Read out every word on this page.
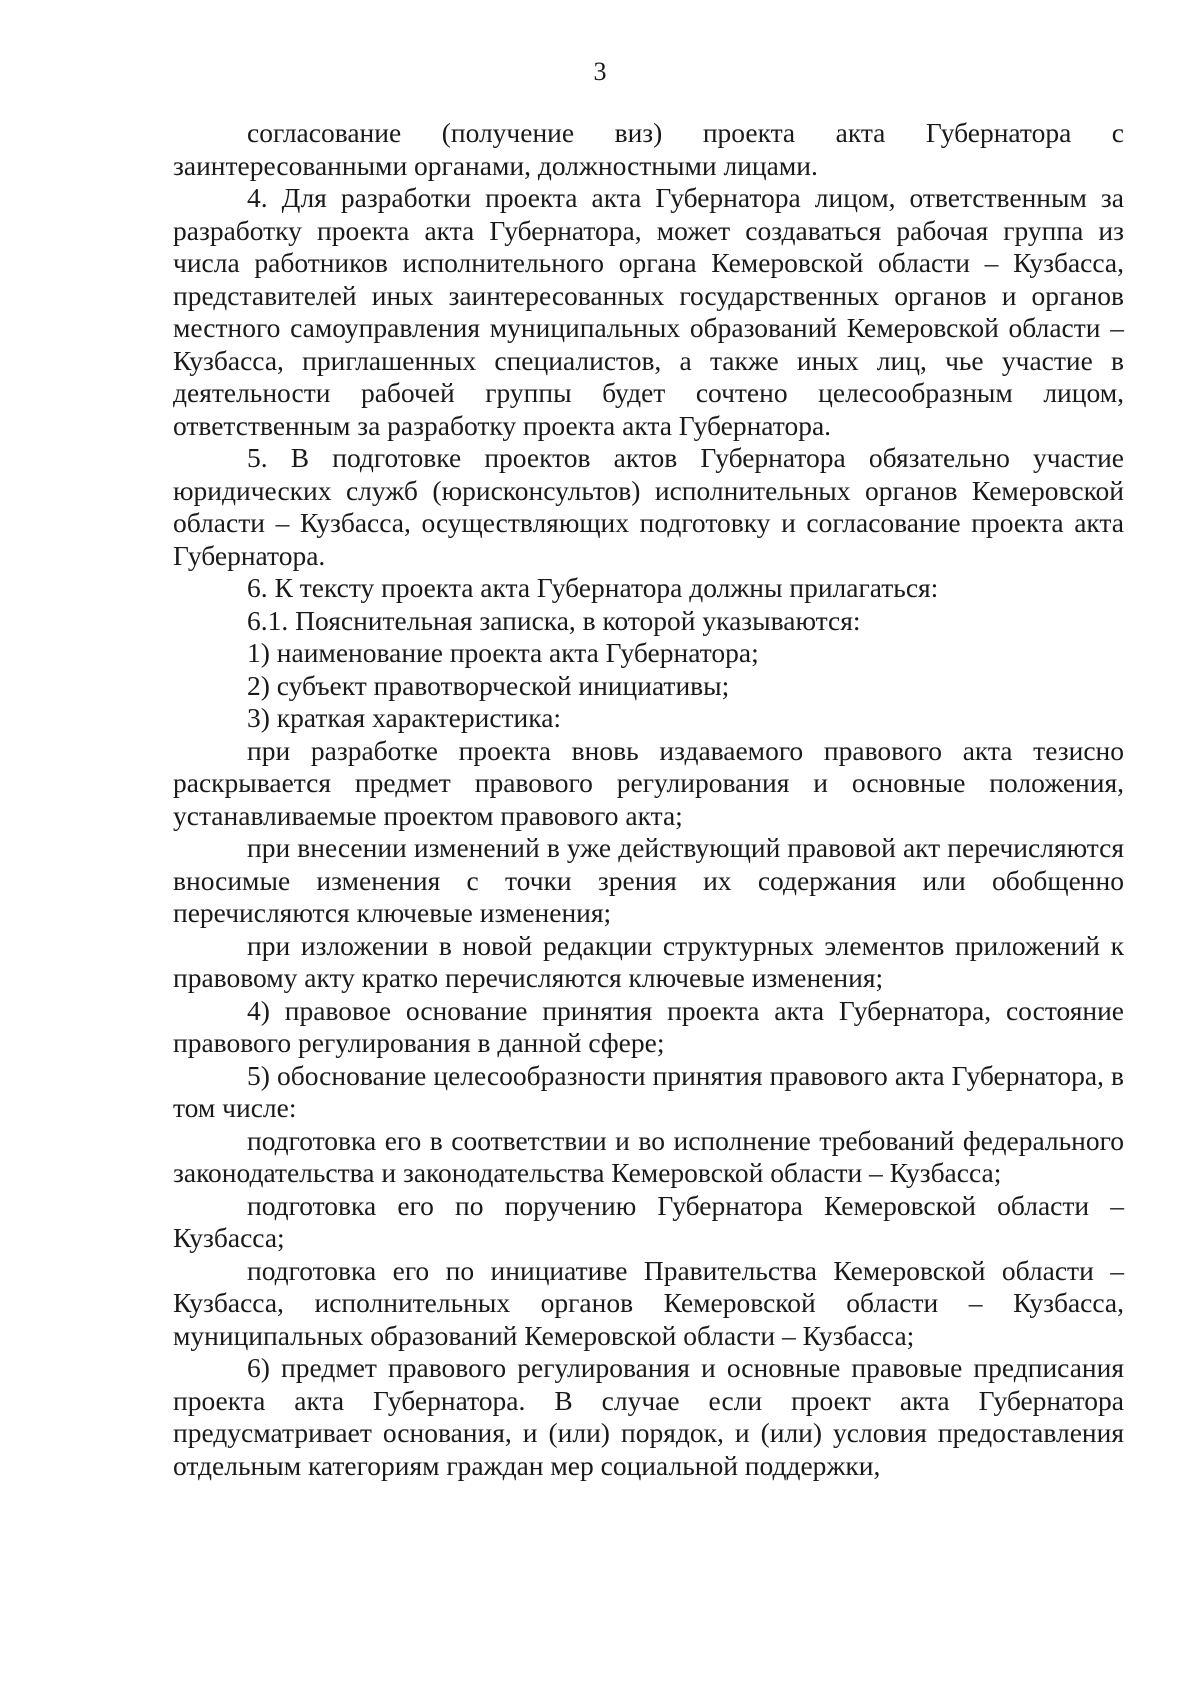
3

согласование (получение виз) проекта акта Губернатора с заинтересованными органами, должностными лицами.

4. Для разработки проекта акта Губернатора лицом, ответственным за разработку проекта акта Губернатора, может создаваться рабочая группа из числа работников исполнительного органа Кемеровской области – Кузбасса, представителей иных заинтересованных государственных органов и органов местного самоуправления муниципальных образований Кемеровской области – Кузбасса, приглашенных специалистов, а также иных лиц, чье участие в деятельности рабочей группы будет сочтено целесообразным лицом, ответственным за разработку проекта акта Губернатора.

5. В подготовке проектов актов Губернатора обязательно участие юридических служб (юрисконсультов) исполнительных органов Кемеровской области – Кузбасса, осуществляющих подготовку и согласование проекта акта Губернатора.

6. К тексту проекта акта Губернатора должны прилагаться:

6.1. Пояснительная записка, в которой указываются:

1) наименование проекта акта Губернатора;

2) субъект правотворческой инициативы;

3) краткая характеристика:

при разработке проекта вновь издаваемого правового акта тезисно раскрывается предмет правового регулирования и основные положения, устанавливаемые проектом правового акта;

при внесении изменений в уже действующий правовой акт перечисляются вносимые изменения с точки зрения их содержания или обобщенно перечисляются ключевые изменения;

при изложении в новой редакции структурных элементов приложений к правовому акту кратко перечисляются ключевые изменения;

4) правовое основание принятия проекта акта Губернатора, состояние правового регулирования в данной сфере;

5) обоснование целесообразности принятия правового акта Губернатора, в том числе:

подготовка его в соответствии и во исполнение требований федерального законодательства и законодательства Кемеровской области – Кузбасса;

подготовка его по поручению Губернатора Кемеровской области – Кузбасса;

подготовка его по инициативе Правительства Кемеровской области – Кузбасса, исполнительных органов Кемеровской области – Кузбасса, муниципальных образований Кемеровской области – Кузбасса;

6) предмет правового регулирования и основные правовые предписания проекта акта Губернатора. В случае если проект акта Губернатора предусматривает основания, и (или) порядок, и (или) условия предоставления отдельным категориям граждан мер социальной поддержки,
